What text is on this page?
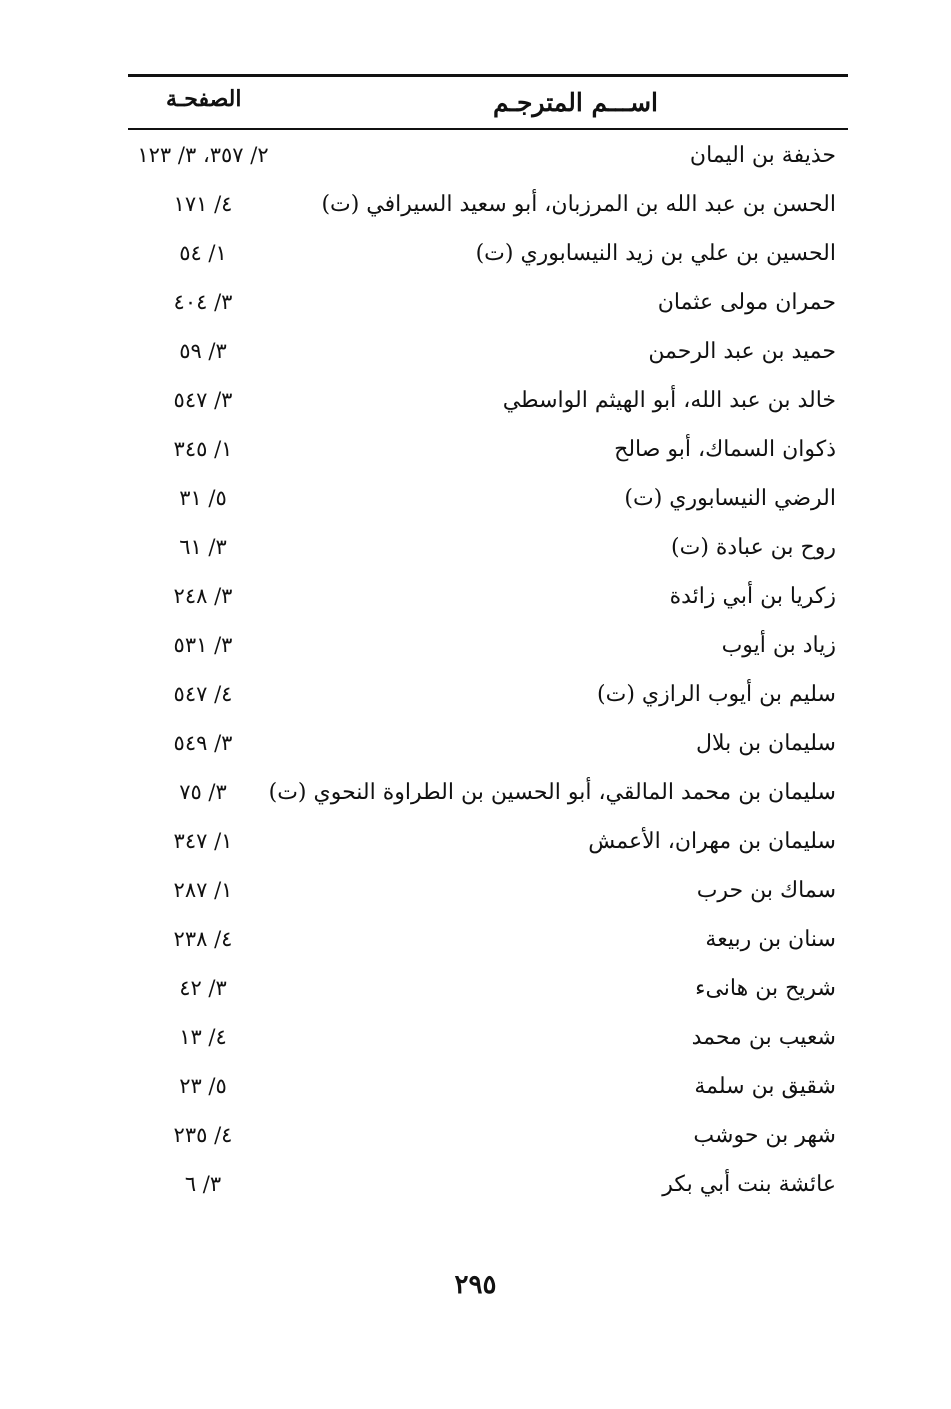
اســـم المترجـم
الصفحـة
حذيفة بن اليمان
٢/ ٣٥٧، ٣/ ١٢٣
الحسن بن عبد الله بن المرزبان، أبو سعيد السيرافي (ت)
٤/ ١٧١
الحسين بن علي بن زيد النيسابوري (ت)
١/ ٥٤
حمران مولى عثمان
٣/ ٤٠٤
حميد بن عبد الرحمن
٣/ ٥٩
خالد بن عبد الله، أبو الهيثم الواسطي
٣/ ٥٤٧
ذكوان السماك، أبو صالح
١/ ٣٤٥
الرضي النيسابوري (ت)
٥/ ٣١
روح بن عبادة (ت)
٣/ ٦١
زكريا بن أبي زائدة
٣/ ٢٤٨
زياد بن أيوب
٣/ ٥٣١
سليم بن أيوب الرازي (ت)
٤/ ٥٤٧
سليمان بن بلال
٣/ ٥٤٩
سليمان بن محمد المالقي، أبو الحسين بن الطراوة النحوي (ت)
٣/ ٧٥
سليمان بن مهران، الأعمش
١/ ٣٤٧
سماك بن حرب
١/ ٢٨٧
سنان بن ربيعة
٤/ ٢٣٨
شريح بن هانىء
٣/ ٤٢
شعيب بن محمد
٤/ ١٣
شقيق بن سلمة
٥/ ٢٣
شهر بن حوشب
٤/ ٢٣٥
عائشة بنت أبي بكر
٣/ ٦
٢٩٥
